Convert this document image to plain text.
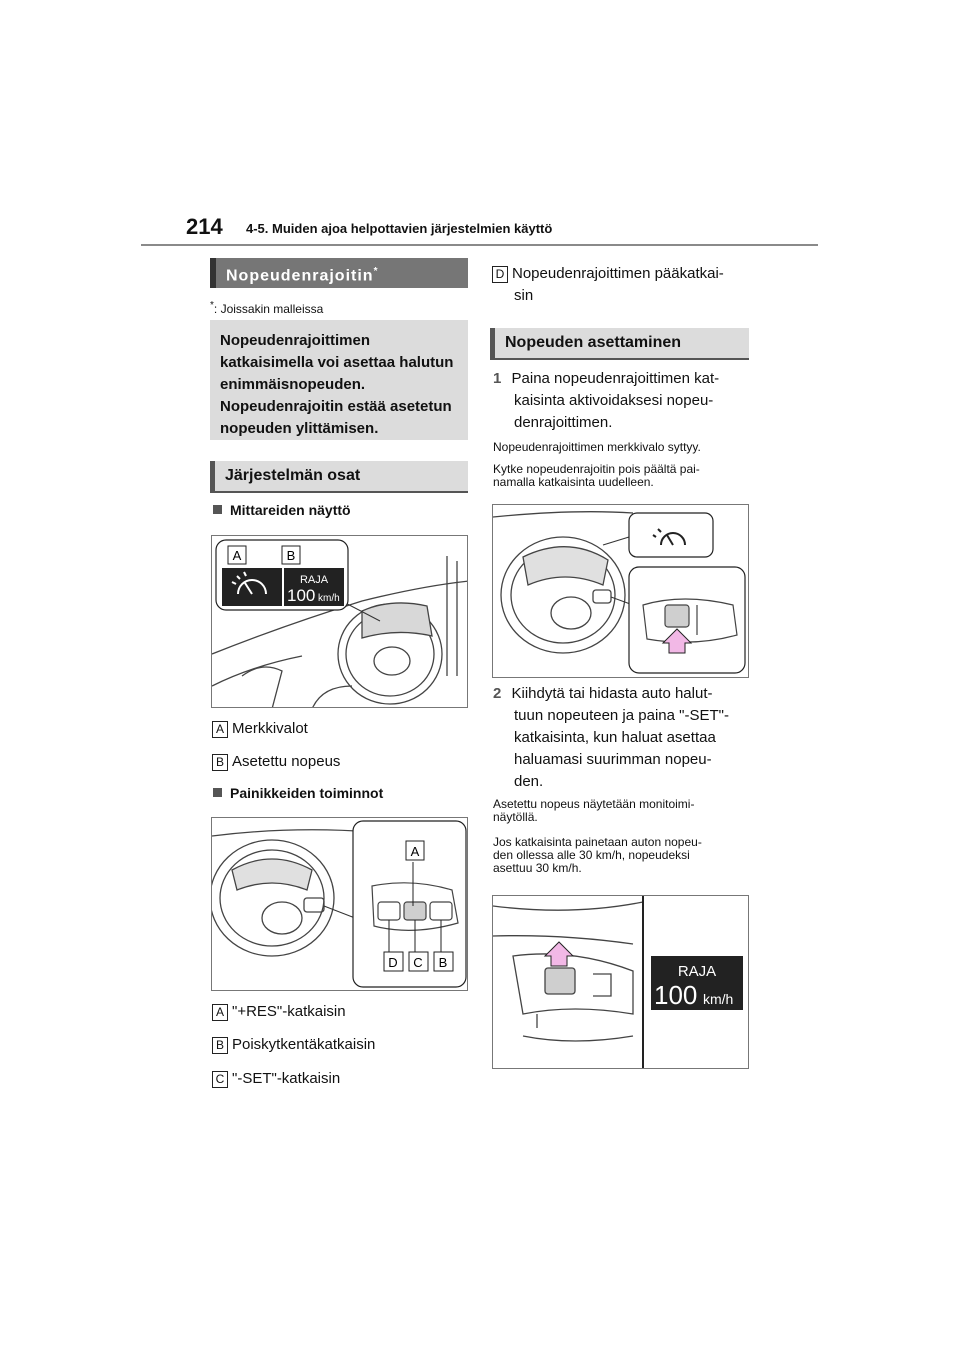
214 4-5. Muiden ajoa helpottavien järjestelmien käyttö
Nopeudenrajoitin*
*: Joissakin malleissa
Nopeudenrajoittimen katkaisimella voi asettaa halutun enimmäisnopeuden. Nopeudenrajoitin estää asetetun nopeuden ylittämisen.
Järjestelmän osat
Mittareiden näyttö
RAJA
100 km/h
A	B
A Merkkivalot
B Asetettu nopeus
Painikkeiden toiminnot
A
D C B
A "+RES"-katkaisin
B Poiskytkentäkatkaisin
C "-SET"-katkaisin
D Nopeudenrajoittimen pääkatkai-
sin
Nopeuden asettaminen
1 Paina nopeudenrajoittimen kat-
kaisinta aktivoidaksesi nopeu-
denrajoittimen.
Nopeudenrajoittimen merkkivalo syttyy.
Kytke nopeudenrajoitin pois päältä pai-
namalla katkaisinta uudelleen.
2 Kiihdytä tai hidasta auto halut-
tuun nopeuteen ja paina "-SET"-
katkaisinta, kun haluat asettaa
haluamasi suurimman nopeu-
den.
Asetettu nopeus näytetään monitoimi-
näytöllä.
Jos katkaisinta painetaan auton nopeu-
den ollessa alle 30 km/h, nopeudeksi
asettuu 30 km/h.
RAJA
100 km/h
